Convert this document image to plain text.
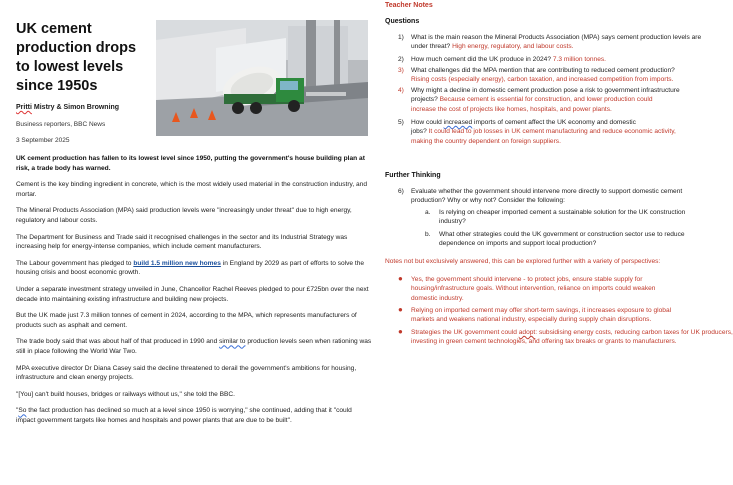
UK cement production drops to lowest levels since 1950s
Pritti Mistry & Simon Browning
Business reporters, BBC News
3 September 2025

UK cement production has fallen to its lowest level since 1950, putting the government's house building plan at risk, a trade body has warned.

Cement is the key binding ingredient in concrete, which is the most widely used material in the construction industry, and mortar.

The Mineral Products Association (MPA) said production levels were "increasingly under threat" due to high energy, regulatory and labour costs.

The Department for Business and Trade said it recognised challenges in the sector and its Industrial Strategy was increasing help for energy-intense companies, which include cement manufacturers.

The Labour government has pledged to build 1.5 million new homes in England by 2029 as part of efforts to solve the housing crisis and boost economic growth.

Under a separate investment strategy unveiled in June, Chancellor Rachel Reeves pledged to pour £725bn over the next decade into maintaining existing infrastructure and building new projects.

But the UK made just 7.3 million tonnes of cement in 2024, according to the MPA, which represents manufacturers of products such as asphalt and cement.

The trade body said that was about half of that produced in 1990 and similar to production levels seen when rationing was still in place following the World War Two.

MPA executive director Dr Diana Casey said the decline threatened to derail the government's ambitions for housing, infrastructure and clean energy projects.

"[You] can't build houses, bridges or railways without us," she told the BBC.

"So the fact production has declined so much at a level since 1950 is worrying," she continued, adding that it "could impact government targets like homes and hospitals and power plants that are due to be built".

Teacher Notes
Questions
1) What is the main reason the Mineral Products Association (MPA) says cement production levels are
under threat? High energy, regulatory, and labour costs.
2) How much cement did the UK produce in 2024? 7.3 million tonnes.
3) What challenges did the MPA mention that are contributing to reduced cement production?
Rising costs (especially energy), carbon taxation, and increased competition from imports.
4) Why might a decline in domestic cement production pose a risk to government infrastructure
projects? Because cement is essential for construction, and lower production could
increase the cost of projects like homes, hospitals, and power plants.
5) How could increased imports of cement affect the UK economy and domestic
jobs? It could lead to job losses in UK cement manufacturing and reduce economic activity,
making the country dependent on foreign suppliers.
Further Thinking
6) Evaluate whether the government should intervene more directly to support domestic cement
production? Why or why not? Consider the following:
a. Is relying on cheaper imported cement a sustainable solution for the UK construction
industry?
b. What other strategies could the UK government or construction sector use to reduce
dependence on imports and support local production?
Notes not but exclusively answered, this can be explored further with a variety of perspectives:
● Yes, the government should intervene - to protect jobs, ensure stable supply for
housing/infrastructure goals. Without intervention, reliance on imports could weaken
domestic industry.
● Relying on imported cement may offer short-term savings, it increases exposure to global
markets and weakens national industry, especially during supply chain disruptions.
● Strategies the UK government could adopt: subsidising energy costs, reducing carbon taxes for UK producers,
investing in green cement technologies, and offering tax breaks or grants to manufacturers.
